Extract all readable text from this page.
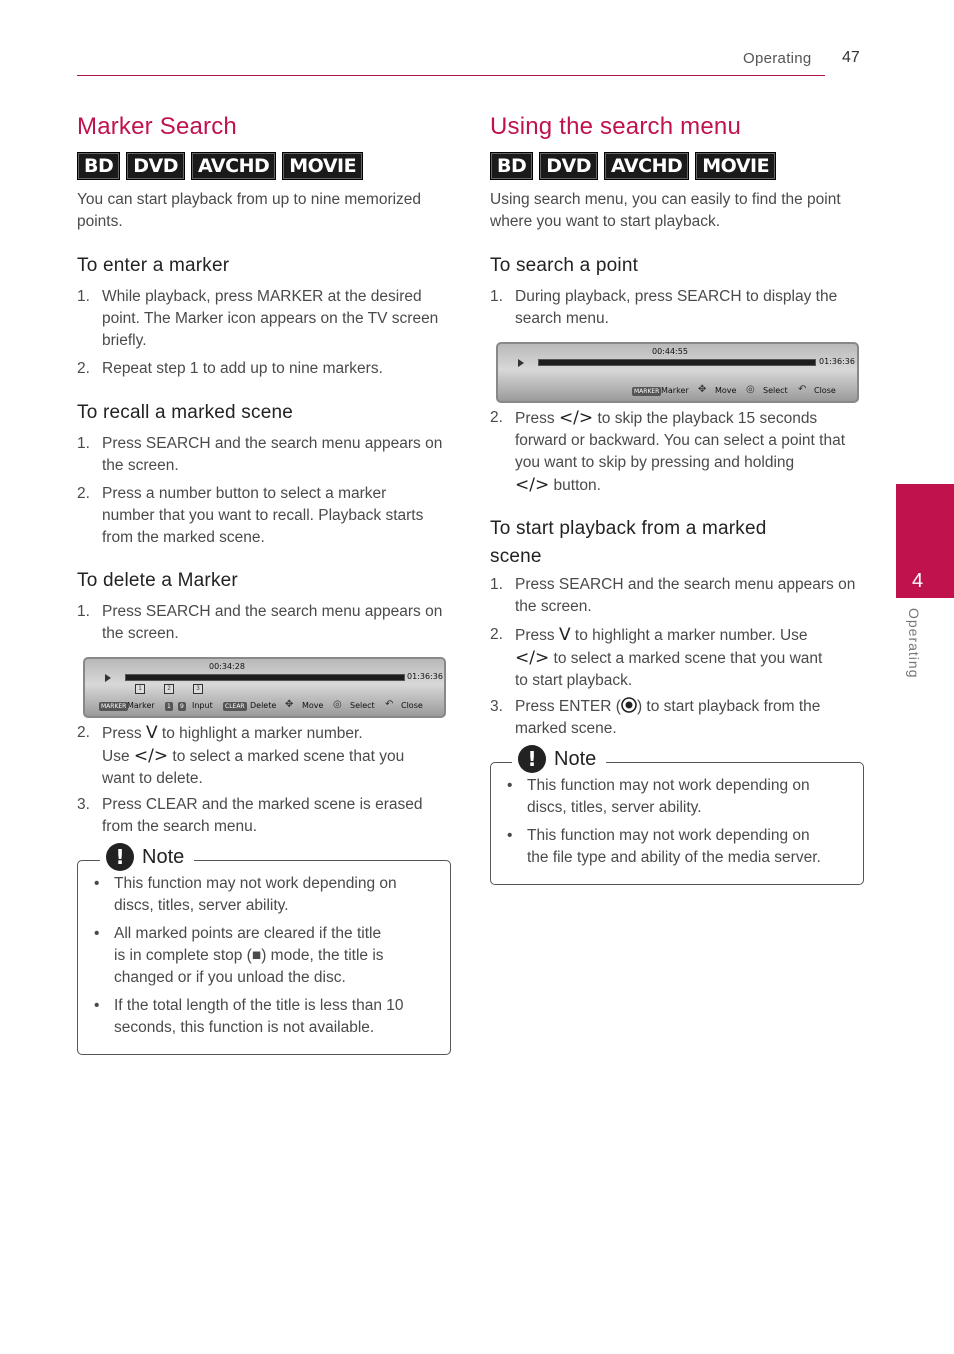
Operating 47
Marker Search
BD	DVD	AVCHD	MOVIE
You can start playback from up to nine memorized
points.
To enter a marker
1. While playback, press MARKER at the desired
point. The Marker icon appears on the TV screen
briefly.
2. Repeat step 1 to add up to nine markers.
To recall a marked scene
1. Press SEARCH and the search menu appears on
the screen.
2. Press a number button to select a marker
number that you want to recall. Playback starts
from the marked scene.
To delete a Marker
1. Press SEARCH and the search menu appears on
the screen.
00:34:28
01:36:36
1	2	3
MARKER Marker	1	9 Input	CLEAR Delete ✥ Move ◎ Select ↶ Close
2. Press V to highlight a marker number.
Use </> to select a marked scene that you
want to delete.
3. Press CLEAR and the marked scene is erased
from the search menu.
! Note
• This function may not work depending on
discs, titles, server ability.
• All marked points are cleared if the title
is in complete stop (■) mode, the title is
changed or if you unload the disc.
• If the total length of the title is less than 10
seconds, this function is not available.
Using the search menu
BD	DVD	AVCHD	MOVIE
Using search menu, you can easily to find the point
where you want to start playback.
To search a point
1. During playback, press SEARCH to display the
search menu.
00:44:55
01:36:36
MARKER Marker ✥ Move ◎ Select ↶ Close
2. Press </> to skip the playback 15 seconds
forward or backward. You can select a point that
you want to skip by pressing and holding
</> button.
To start playback from a marked
scene
1. Press SEARCH and the search menu appears on
the screen.
2. Press V to highlight a marker number. Use
</> to select a marked scene that you want
to start playback.
3. Press ENTER ( ) to start playback from the
marked scene.
! Note
• This function may not work depending on
discs, titles, server ability.
• This function may not work depending on
the file type and ability of the media server.
4
Operating
